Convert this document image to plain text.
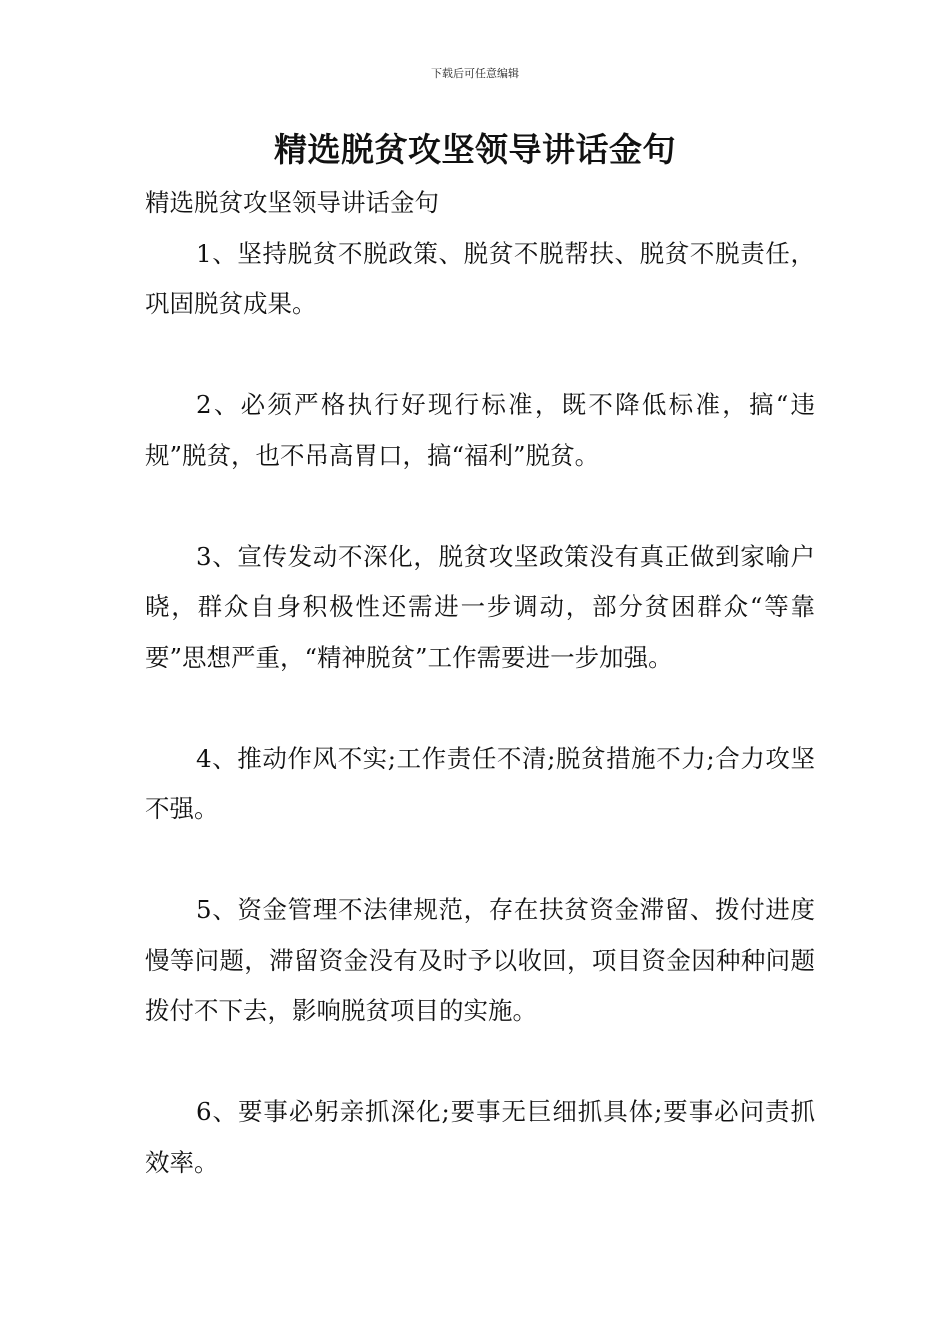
下载后可任意编辑
精选脱贫攻坚领导讲话金句

精选脱贫攻坚领导讲话金句

1、坚持脱贫不脱政策、脱贫不脱帮扶、脱贫不脱责任，巩固脱贫成果。

2、必须严格执行好现行标准，既不降低标准，搞“违规”脱贫，也不吊高胃口，搞“福利”脱贫。

3、宣传发动不深化，脱贫攻坚政策没有真正做到家喻户晓，群众自身积极性还需进一步调动，部分贫困群众“等靠要”思想严重，“精神脱贫”工作需要进一步加强。

4、推动作风不实;工作责任不清;脱贫措施不力;合力攻坚不强。

5、资金管理不法律规范，存在扶贫资金滞留、拨付进度慢等问题，滞留资金没有及时予以收回，项目资金因种种问题拨付不下去，影响脱贫项目的实施。

6、要事必躬亲抓深化;要事无巨细抓具体;要事必问责抓效率。
